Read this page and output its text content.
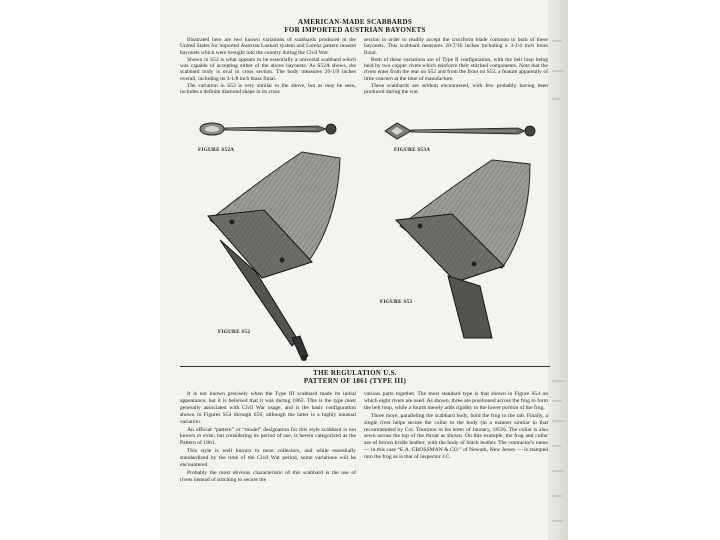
AMERICAN-MADE SCABBARDS
FOR IMPORTED AUSTRIAN BAYONETS

Illustrated here are two known variations of scabbards produced in the United States for imported Austrian Laukart system and Lorenz pattern musket bayonets which were brought into the country during the Civil War.

Shown in S52 is what appears to be essentially a universal scabbard which was capable of accepting either of the above bayonets. As S52A shows, the scabbard body is oval in cross section. The body measures 20-1/8 inches overall, including its 3-1/8 inch brass finial.

The variation in S53 is very similar to the above, but as may be seen, includes a definite diamond shape in its cross

section in order to readily accept the cruciform blade common to both of these bayonets. This scabbard measures 20-7/16 inches including a 3-1/4 inch brass finial.

Both of these variations are of Type II configuration, with the belt loop being held by two copper rivets which reinforce their stitched components. Note that the rivets enter from the rear on S52 and from the front on S53, a feature apparently of little concern at the time of manufacture.

These scabbards are seldom encountered, with few probably having been produced during the war.

FIGURE S52A	FIGURE S53A
FIGURE S53
FIGURE S52
THE REGULATION U.S.
PATTERN OF 1861 (TYPE III)

It is not known precisely when the Type III scabbard made its initial appearance, but it is believed that it was during 1862. This is the type most generally associated with Civil War usage, and is the basic configuration shown in Figures S54 through S56, although the latter is a highly unusual variation.

An official “pattern” or “model” designation for this style scabbard is not known to exist, but considering its period of use, is herein categorized as the Pattern of 1861.

This style is well known to most collectors, and while essentially standardized by the time of the Civil War period, some variations will be encountered.

Probably the most obvious characteristic of this scabbard is the use of rivets instead of stitching to secure the

various parts together. The most standard type is that shown in Figure S54 on which eight rivets are used. As shown, three are positioned across the frog to form the belt loop, while a fourth merely adds rigidity to the lower portion of the frog.

Three more, paralleling the scabbard body, hold the frog to the tab. Finally, a single rivet helps secure the collar to the body (in a manner similar to that recommended by Col. Thornton in his letter of January, 1859). The collar is also sewn across the top of the throat as shown. On this example, the frog and collar are of brown bridle leather, with the body of black leather. The contractor's name — in this case “E.A. GROSSMAN & CO.” of Newark, New Jersey — is stamped into the frog as is that of inspector J.C.
